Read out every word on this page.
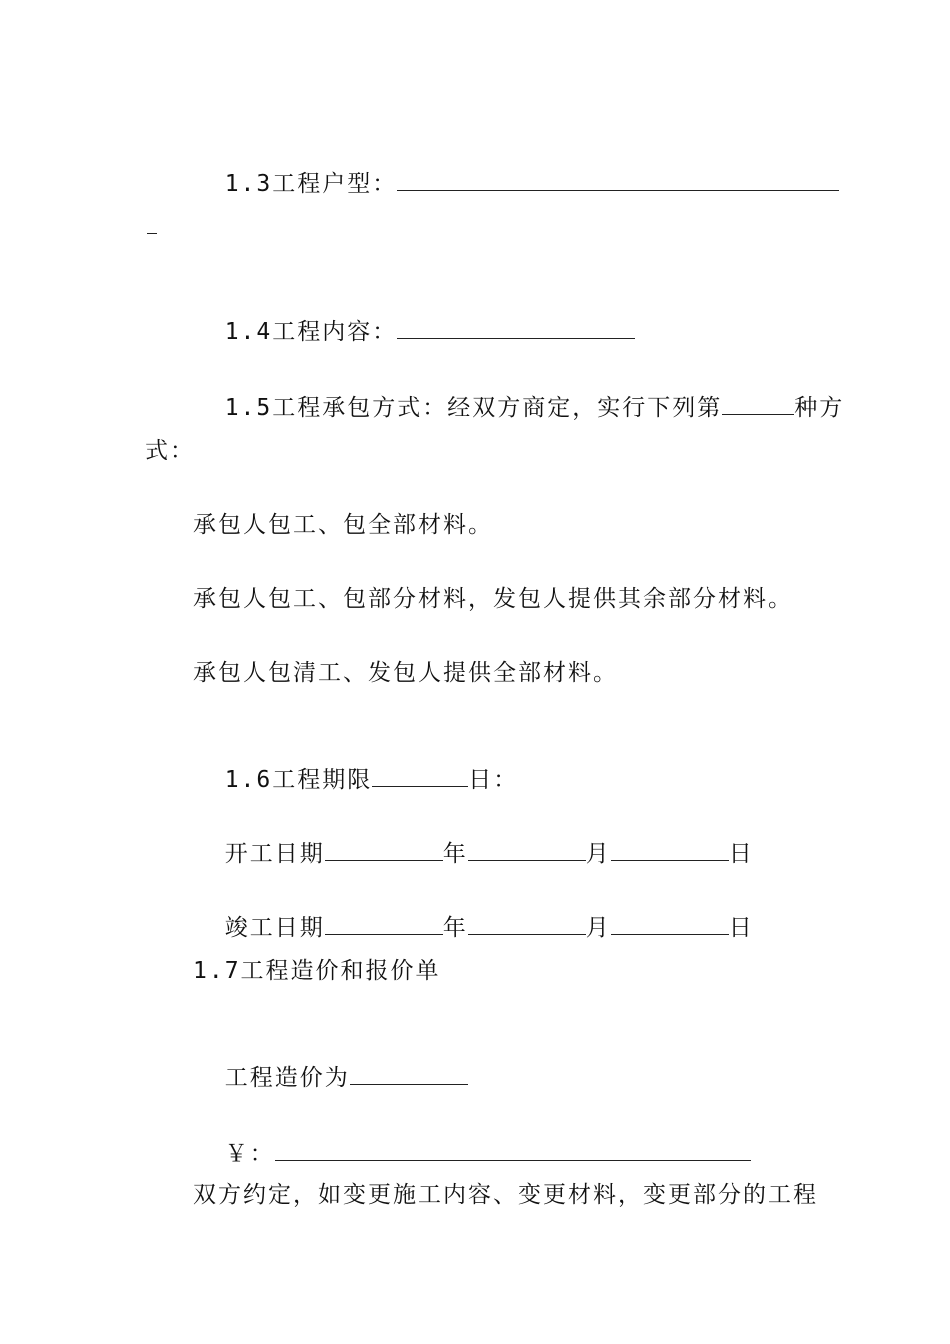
1.3工程户型：

1.4工程内容：

1.5工程承包方式：经双方商定，实行下列第	种方

式：
承包人包工、包全部材料。
承包人包工、包部分材料，发包人提供其余部分材料。
承包人包清工、发包人提供全部材料。

1.6工程期限	日：

开工日期	年	月	日

竣工日期	年	月	日

1.7工程造价和报价单

工程造价为

￥：

双方约定，如变更施工内容、变更材料，变更部分的工程
